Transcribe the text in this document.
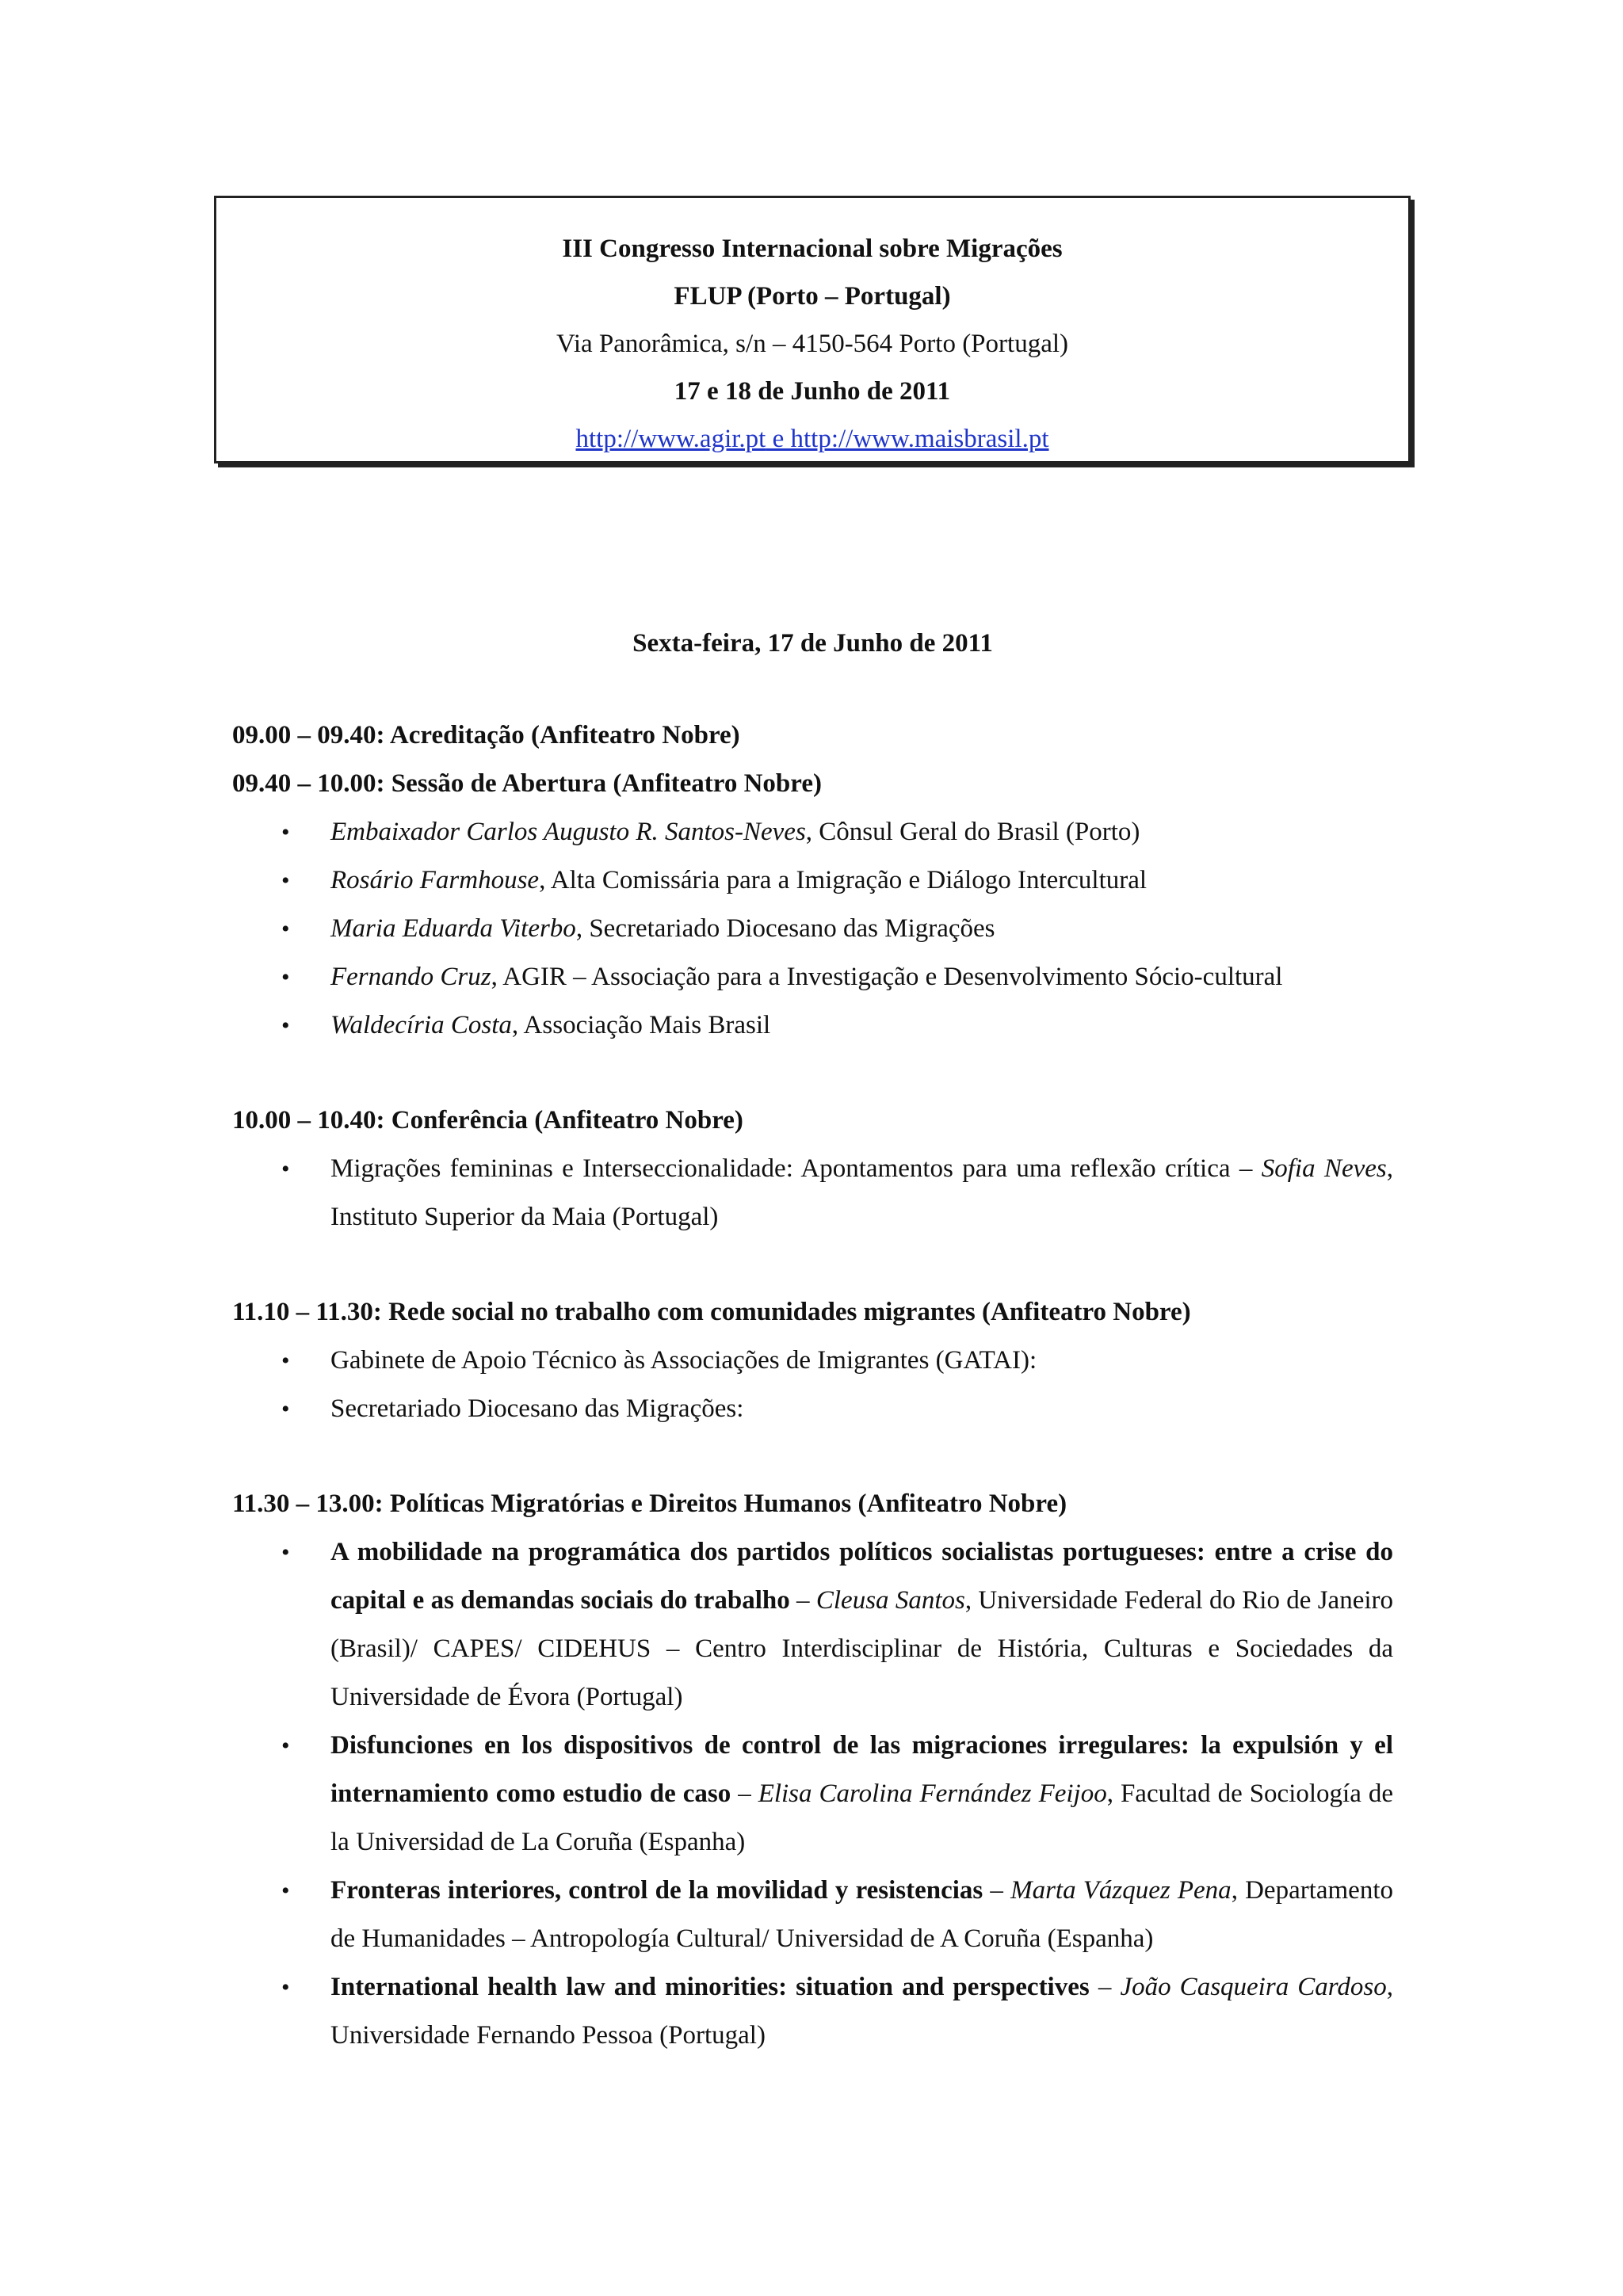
III Congresso Internacional sobre Migrações

FLUP (Porto – Portugal)

Via Panorâmica, s/n – 4150-564 Porto (Portugal)

17 e 18 de Junho de 2011

http://www.agir.pt e http://www.maisbrasil.pt

Sexta-feira, 17 de Junho de 2011

09.00 – 09.40: Acreditação (Anfiteatro Nobre)

09.40 – 10.00: Sessão de Abertura (Anfiteatro Nobre)

• Embaixador Carlos Augusto R. Santos-Neves, Cônsul Geral do Brasil (Porto)
• Rosário Farmhouse, Alta Comissária para a Imigração e Diálogo Intercultural
• Maria Eduarda Viterbo, Secretariado Diocesano das Migrações
• Fernando Cruz, AGIR – Associação para a Investigação e Desenvolvimento Sócio-cultural
• Waldecíria Costa, Associação Mais Brasil

10.00 – 10.40: Conferência (Anfiteatro Nobre)

• Migrações femininas e Interseccionalidade: Apontamentos para uma reflexão crítica – Sofia Neves, Instituto Superior da Maia (Portugal)

11.10 – 11.30: Rede social no trabalho com comunidades migrantes (Anfiteatro Nobre)

• Gabinete de Apoio Técnico às Associações de Imigrantes (GATAI):
• Secretariado Diocesano das Migrações:

11.30 – 13.00: Políticas Migratórias e Direitos Humanos (Anfiteatro Nobre)

• A mobilidade na programática dos partidos políticos socialistas portugueses: entre a crise do capital e as demandas sociais do trabalho – Cleusa Santos, Universidade Federal do Rio de Janeiro (Brasil)/ CAPES/ CIDEHUS – Centro Interdisciplinar de História, Culturas e Sociedades da Universidade de Évora (Portugal)
• Disfunciones en los dispositivos de control de las migraciones irregulares: la expulsión y el internamiento como estudio de caso – Elisa Carolina Fernández Feijoo, Facultad de Sociología de la Universidad de La Coruña (Espanha)
• Fronteras interiores, control de la movilidad y resistencias – Marta Vázquez Pena, Departamento de Humanidades – Antropología Cultural/ Universidad de A Coruña (Espanha)
• International health law and minorities: situation and perspectives – João Casqueira Cardoso, Universidade Fernando Pessoa (Portugal)
